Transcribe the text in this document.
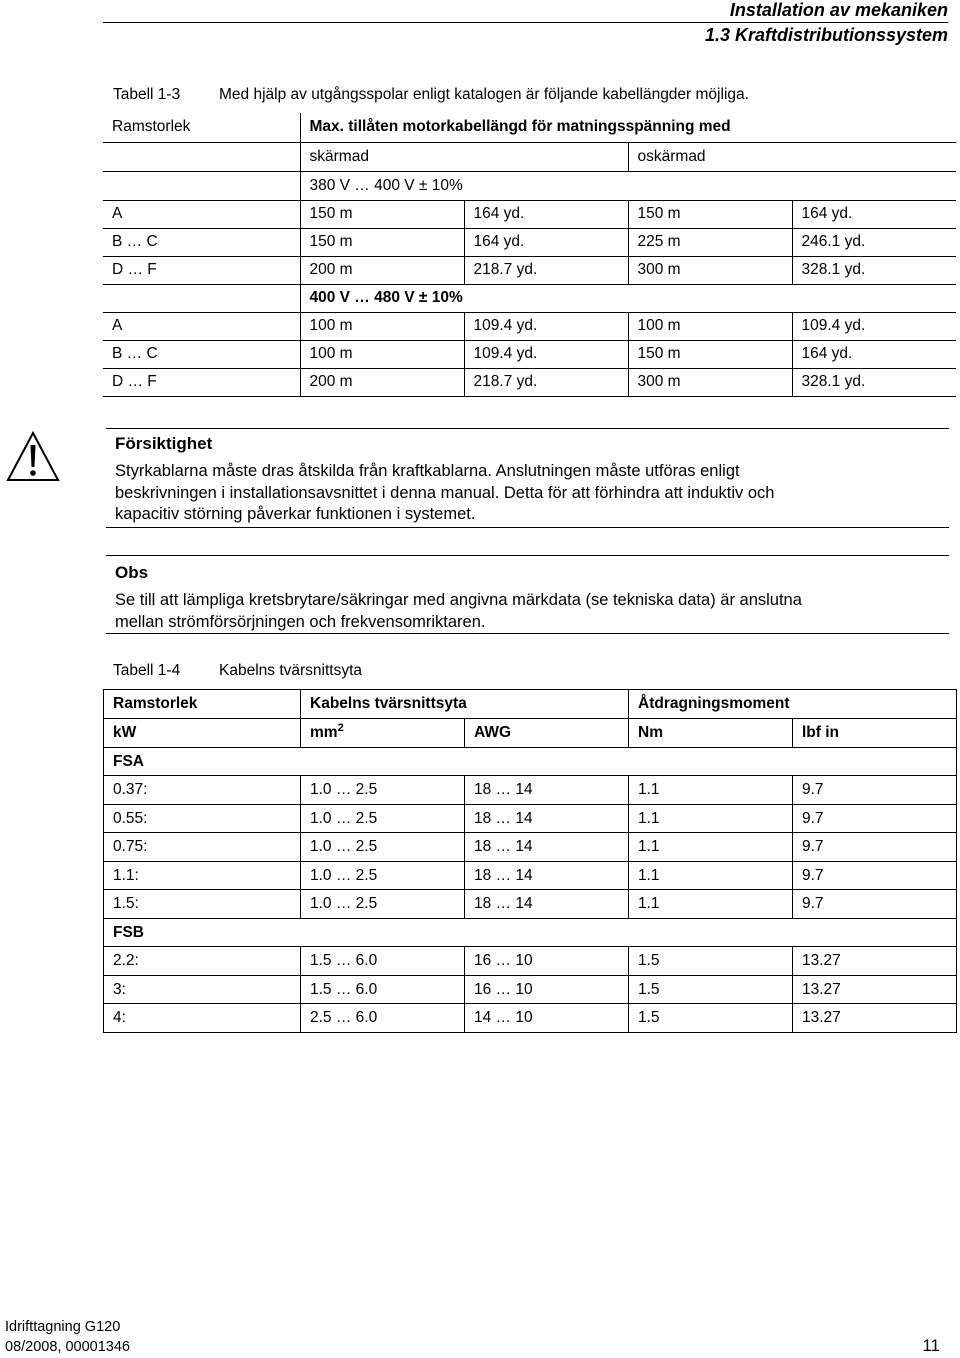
Installation av mekaniken
1.3 Kraftdistributionssystem
Tabell 1-3	Med hjälp av utgångsspolar enligt katalogen är följande kabellängder möjliga.
Ramstorlek	Max. tillåten motorkabellängd för matningsspänning med			
	skärmad		oskärmad	
	380 V … 400 V ± 10%			
A	150 m	164 yd.	150 m	164 yd.
B … C	150 m	164 yd.	225 m	246.1 yd.
D … F	200 m	218.7 yd.	300 m	328.1 yd.
	400 V … 480 V ± 10%			
A	100 m	109.4 yd.	100 m	109.4 yd.
B … C	100 m	109.4 yd.	150 m	164 yd.
D … F	200 m	218.7 yd.	300 m	328.1 yd.
Försiktighet
Styrkablarna måste dras åtskilda från kraftkablarna. Anslutningen måste utföras enligt
beskrivningen i installationsavsnittet i denna manual. Detta för att förhindra att induktiv och
kapacitiv störning påverkar funktionen i systemet.
Obs
Se till att lämpliga kretsbrytare/säkringar med angivna märkdata (se tekniska data) är anslutna
mellan strömförsörjningen och frekvensomriktaren.
Tabell 1-4	Kabelns tvärsnittsyta
Ramstorlek	Kabelns tvärsnittsyta		Åtdragningsmoment	
kW	$mm^2$	AWG	Nm	lbf in
FSA				
0.37:	1.0 … 2.5	18 … 14	1.1	9.7
0.55:	1.0 … 2.5	18 … 14	1.1	9.7
0.75:	1.0 … 2.5	18 … 14	1.1	9.7
1.1:	1.0 … 2.5	18 … 14	1.1	9.7
1.5:	1.0 … 2.5	18 … 14	1.1	9.7
FSB				
2.2:	1.5 … 6.0	16 … 10	1.5	13.27
3:	1.5 … 6.0	16 … 10	1.5	13.27
4:	2.5 … 6.0	14 … 10	1.5	13.27
Idrifttagning G120
08/2008, 00001346	11
